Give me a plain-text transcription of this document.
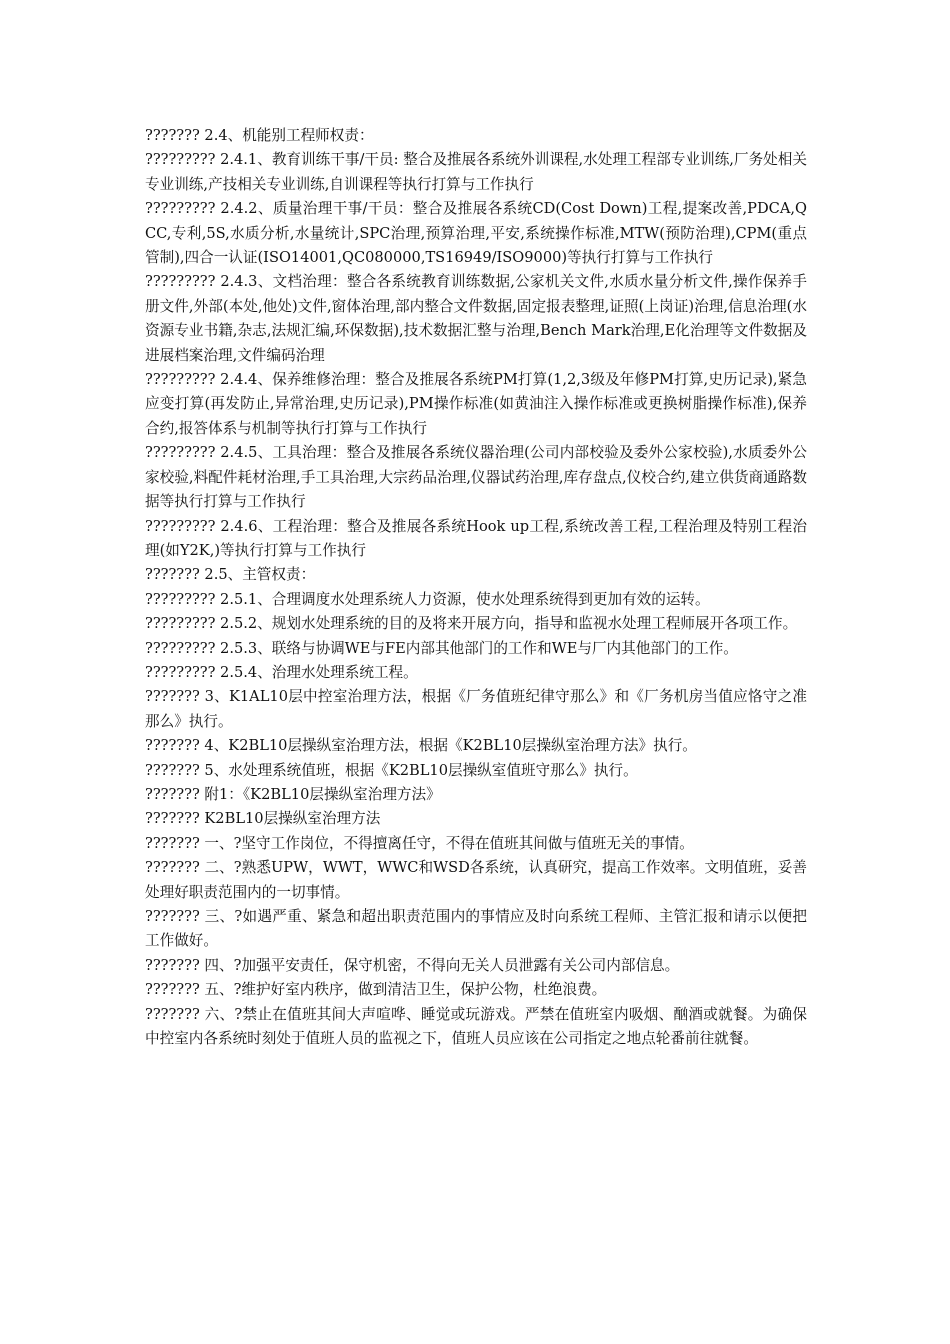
??????? 2.4、机能别工程师权责：

????????? 2.4.1、教育训练干事/干员: 整合及推展各系统外训课程,水处理工程部专业训练,厂务处相关专业训练,产技相关专业训练,自训课程等执行打算与工作执行

????????? 2.4.2、质量治理干事/干员：整合及推展各系统CD(Cost Down)工程,提案改善,PDCA,QCC,专利,5S,水质分析,水量统计,SPC治理,预算治理,平安,系统操作标准,MTW(预防治理),CPM(重点管制),四合一认证(ISO14001,QC080000,TS16949/ISO9000)等执行打算与工作执行

????????? 2.4.3、文档治理：整合各系统教育训练数据,公家机关文件,水质水量分析文件,操作保养手册文件,外部(本处,他处)文件,窗体治理,部内整合文件数据,固定报表整理,证照(上岗证)治理,信息治理(水资源专业书籍,杂志,法规汇编,环保数据),技术数据汇整与治理,Bench Mark治理,E化治理等文件数据及进展档案治理,文件编码治理

????????? 2.4.4、保养维修治理：整合及推展各系统PM打算(1,2,3级及年修PM打算,史历记录),紧急应变打算(再发防止,异常治理,史历记录),PM操作标准(如黄油注入操作标准或更换树脂操作标准),保养合约,报答体系与机制等执行打算与工作执行

????????? 2.4.5、工具治理：整合及推展各系统仪器治理(公司内部校验及委外公家校验),水质委外公家校验,料配件耗材治理,手工具治理,大宗药品治理,仪器试药治理,库存盘点,仪校合约,建立供货商通路数据等执行打算与工作执行

????????? 2.4.6、工程治理：整合及推展各系统Hook up工程,系统改善工程,工程治理及特别工程治理(如Y2K,)等执行打算与工作执行

??????? 2.5、主管权责：

????????? 2.5.1、合理调度水处理系统人力资源，使水处理系统得到更加有效的运转。

????????? 2.5.2、规划水处理系统的目的及将来开展方向，指导和监视水处理工程师展开各项工作。

????????? 2.5.3、联络与协调WE与FE内部其他部门的工作和WE与厂内其他部门的工作。

????????? 2.5.4、治理水处理系统工程。

??????? 3、K1AL10层中控室治理方法，根据《厂务值班纪律守那么》和《厂务机房当值应恪守之准那么》执行。

??????? 4、K2BL10层操纵室治理方法，根据《K2BL10层操纵室治理方法》执行。

??????? 5、水处理系统值班，根据《K2BL10层操纵室值班守那么》执行。

??????? 附1：《K2BL10层操纵室治理方法》

??????? K2BL10层操纵室治理方法

??????? 一、?坚守工作岗位，不得擅离任守，不得在值班其间做与值班无关的事情。

??????? 二、?熟悉UPW，WWT，WWC和WSD各系统，认真研究，提高工作效率。文明值班，妥善处理好职责范围内的一切事情。

??????? 三、?如遇严重、紧急和超出职责范围内的事情应及时向系统工程师、主管汇报和请示以便把工作做好。

??????? 四、?加强平安责任，保守机密，不得向无关人员泄露有关公司内部信息。

??????? 五、?维护好室内秩序，做到清洁卫生，保护公物，杜绝浪费。

??????? 六、?禁止在值班其间大声喧哗、睡觉或玩游戏。严禁在值班室内吸烟、酗酒或就餐。为确保中控室内各系统时刻处于值班人员的监视之下，值班人员应该在公司指定之地点轮番前往就餐。
